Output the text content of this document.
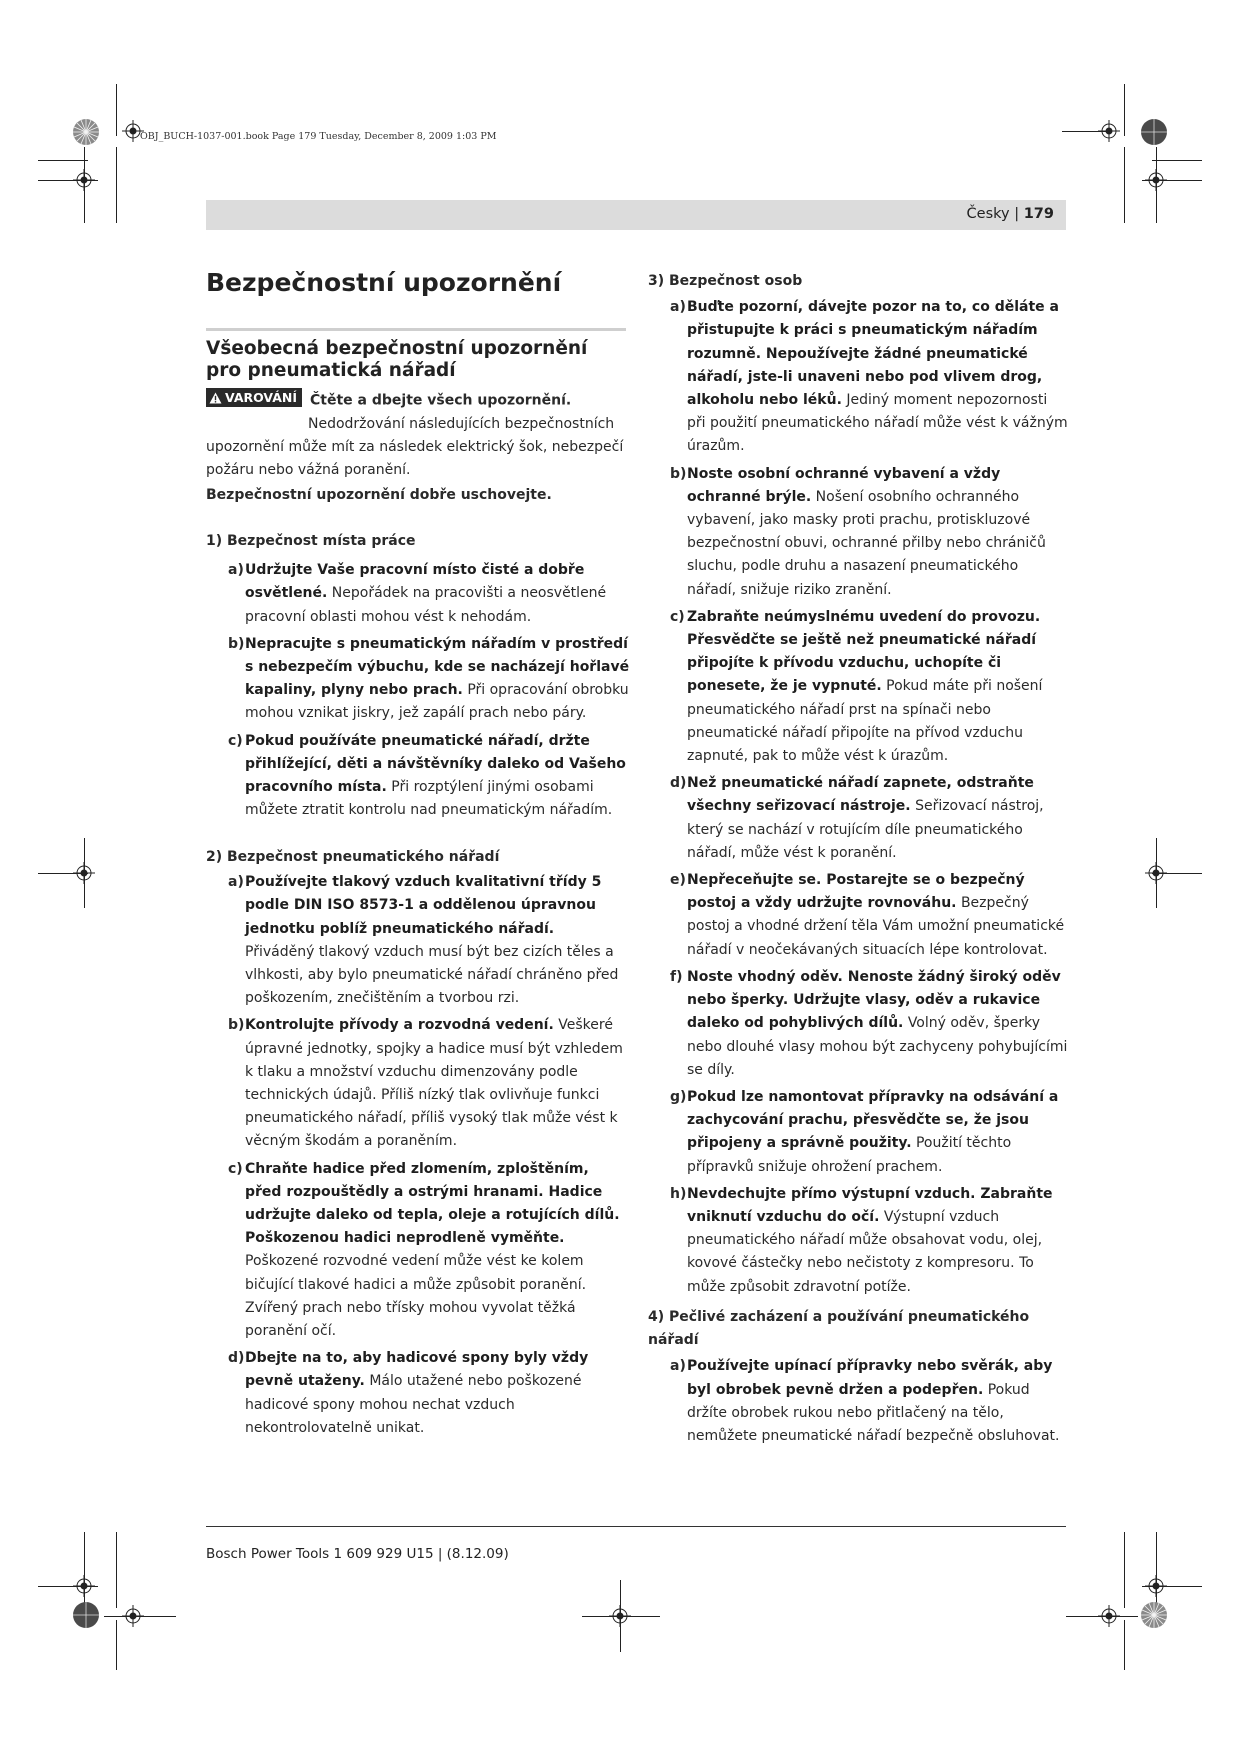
OBJ_BUCH-1037-001.book Page 179 Tuesday, December 8, 2009 1:03 PM
Česky | 179
Bezpečnostní upozornění
Všeobecná bezpečnostní upozornění pro pneumatická nářadí
VAROVÁNÍ Čtěte a dbejte všech upozornění.
Nedodržování následujících bezpečnostních upozornění může mít za následek elektrický šok, nebezpečí požáru nebo vážná poranění.
Bezpečnostní upozornění dobře uschovejte.
1) Bezpečnost místa práce
a) Udržujte Vaše pracovní místo čisté a dobře osvětlené. Nepořádek na pracovišti a neosvětlené pracovní oblasti mohou vést k nehodám.
b) Nepracujte s pneumatickým nářadím v prostředí s nebezpečím výbuchu, kde se nacházejí hořlavé kapaliny, plyny nebo prach. Při opracování obrobku mohou vznikat jiskry, jež zapálí prach nebo páry.
c) Pokud používáte pneumatické nářadí, držte přihlížející, děti a návštěvníky daleko od Vašeho pracovního místa. Při rozptýlení jinými osobami můžete ztratit kontrolu nad pneumatickým nářadím.
2) Bezpečnost pneumatického nářadí
a) Používejte tlakový vzduch kvalitativní třídy 5 podle DIN ISO 8573-1 a oddělenou úpravnou jednotku poblíž pneumatického nářadí. Přiváděný tlakový vzduch musí být bez cizích těles a vlhkosti, aby bylo pneumatické nářadí chráněno před poškozením, znečištěním a tvorbou rzi.
b) Kontrolujte přívody a rozvodná vedení. Veškeré úpravné jednotky, spojky a hadice musí být vzhledem k tlaku a množství vzduchu dimenzovány podle technických údajů. Příliš nízký tlak ovlivňuje funkci pneumatického nářadí, příliš vysoký tlak může vést k věcným škodám a poraněním.
c) Chraňte hadice před zlomením, zploštěním, před rozpouštědly a ostrými hranami. Hadice udržujte daleko od tepla, oleje a rotujících dílů. Poškozenou hadici neprodleně vyměňte. Poškozené rozvodné vedení může vést ke kolem bičující tlakové hadici a může způsobit poranění. Zvířený prach nebo třísky mohou vyvolat těžká poranění očí.
d) Dbejte na to, aby hadicové spony byly vždy pevně utaženy. Málo utažené nebo poškozené hadicové spony mohou nechat vzduch nekontrolovatelně unikat.
3) Bezpečnost osob
a) Buďte pozorní, dávejte pozor na to, co děláte a přistupujte k práci s pneumatickým nářadím rozumně. Nepoužívejte žádné pneumatické nářadí, jste-li unaveni nebo pod vlivem drog, alkoholu nebo léků. Jediný moment nepozornosti při použití pneumatického nářadí může vést k vážným úrazům.
b) Noste osobní ochranné vybavení a vždy ochranné brýle. Nošení osobního ochranného vybavení, jako masky proti prachu, protiskluzové bezpečnostní obuvi, ochranné přilby nebo chráničů sluchu, podle druhu a nasazení pneumatického nářadí, snižuje riziko zranění.
c) Zabraňte neúmyslnému uvedení do provozu. Přesvědčte se ještě než pneumatické nářadí připojíte k přívodu vzduchu, uchopíte či ponesete, že je vypnuté. Pokud máte při nošení pneumatického nářadí prst na spínači nebo pneumatické nářadí připojíte na přívod vzduchu zapnuté, pak to může vést k úrazům.
d) Než pneumatické nářadí zapnete, odstraňte všechny seřizovací nástroje. Seřizovací nástroj, který se nachází v rotujícím díle pneumatického nářadí, může vést k poranění.
e) Nepřeceňujte se. Postarejte se o bezpečný postoj a vždy udržujte rovnováhu. Bezpečný postoj a vhodné držení těla Vám umožní pneumatické nářadí v neočekávaných situacích lépe kontrolovat.
f) Noste vhodný oděv. Nenoste žádný široký oděv nebo šperky. Udržujte vlasy, oděv a rukavice daleko od pohyblivých dílů. Volný oděv, šperky nebo dlouhé vlasy mohou být zachyceny pohybujícími se díly.
g) Pokud lze namontovat přípravky na odsávání a zachycování prachu, přesvědčte se, že jsou připojeny a správně použity. Použití těchto přípravků snižuje ohrožení prachem.
h) Nevdechujte přímo výstupní vzduch. Zabraňte vniknutí vzduchu do očí. Výstupní vzduch pneumatického nářadí může obsahovat vodu, olej, kovové částečky nebo nečistoty z kompresoru. To může způsobit zdravotní potíže.
4) Pečlivé zacházení a používání pneumatického nářadí
a) Používejte upínací přípravky nebo svěrák, aby byl obrobek pevně držen a podepřen. Pokud držíte obrobek rukou nebo přitlačený na tělo, nemůžete pneumatické nářadí bezpečně obsluhovat.
Bosch Power Tools 1 609 929 U15 | (8.12.09)
